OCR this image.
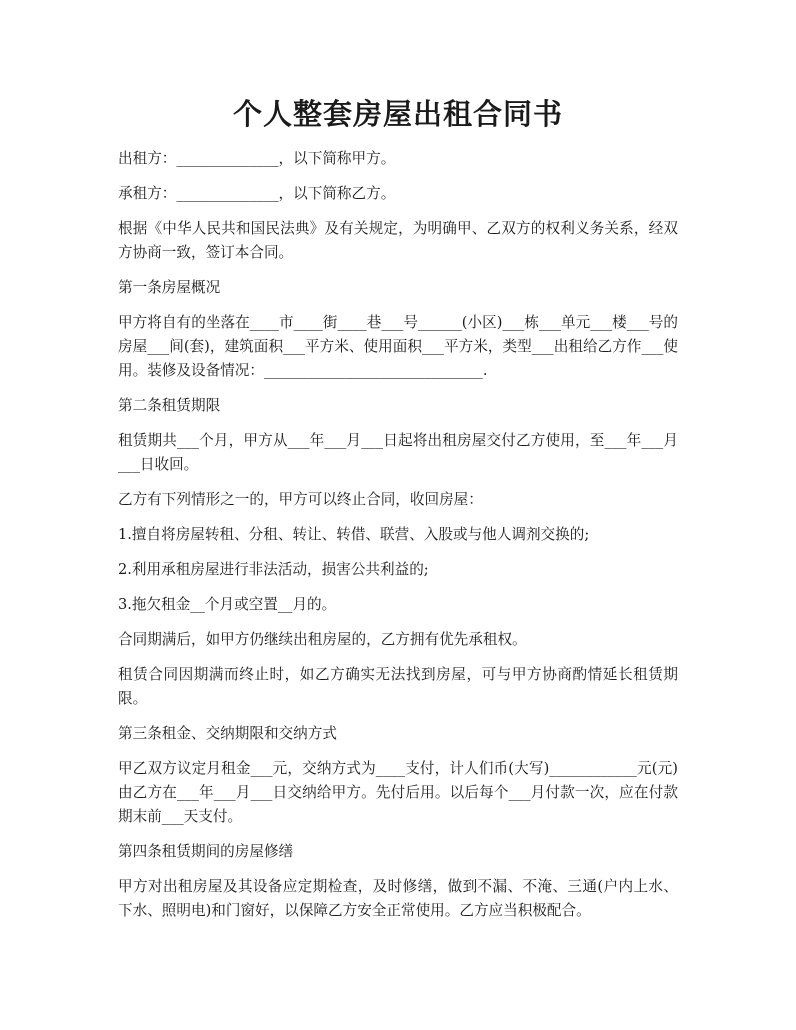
个人整套房屋出租合同书

出租方：______________，以下简称甲方。

承租方：______________，以下简称乙方。

根据《中华人民共和国民法典》及有关规定，为明确甲、乙双方的权利义务关系，经双方协商一致，签订本合同。

第一条房屋概况

甲方将自有的坐落在____市____街____巷___号______(小区)___栋___单元___楼___号的房屋___间(套)，建筑面积___平方米、使用面积___平方米，类型___出租给乙方作___使用。装修及设备情况：______________________________.

第二条租赁期限

租赁期共___个月，甲方从___年___月___日起将出租房屋交付乙方使用，至___年___月___日收回。

乙方有下列情形之一的，甲方可以终止合同，收回房屋：

1.擅自将房屋转租、分租、转让、转借、联营、入股或与他人调剂交换的;

2.利用承租房屋进行非法活动，损害公共利益的;

3.拖欠租金__个月或空置__月的。

合同期满后，如甲方仍继续出租房屋的，乙方拥有优先承租权。

租赁合同因期满而终止时，如乙方确实无法找到房屋，可与甲方协商酌情延长租赁期限。

第三条租金、交纳期限和交纳方式

甲乙双方议定月租金___元，交纳方式为____支付，计人们币(大写)____________元(元)由乙方在___年___月___日交纳给甲方。先付后用。以后每个___月付款一次，应在付款期末前___天支付。

第四条租赁期间的房屋修缮

甲方对出租房屋及其设备应定期检查，及时修缮，做到不漏、不淹、三通(户内上水、下水、照明电)和门窗好，以保障乙方安全正常使用。乙方应当积极配合。
